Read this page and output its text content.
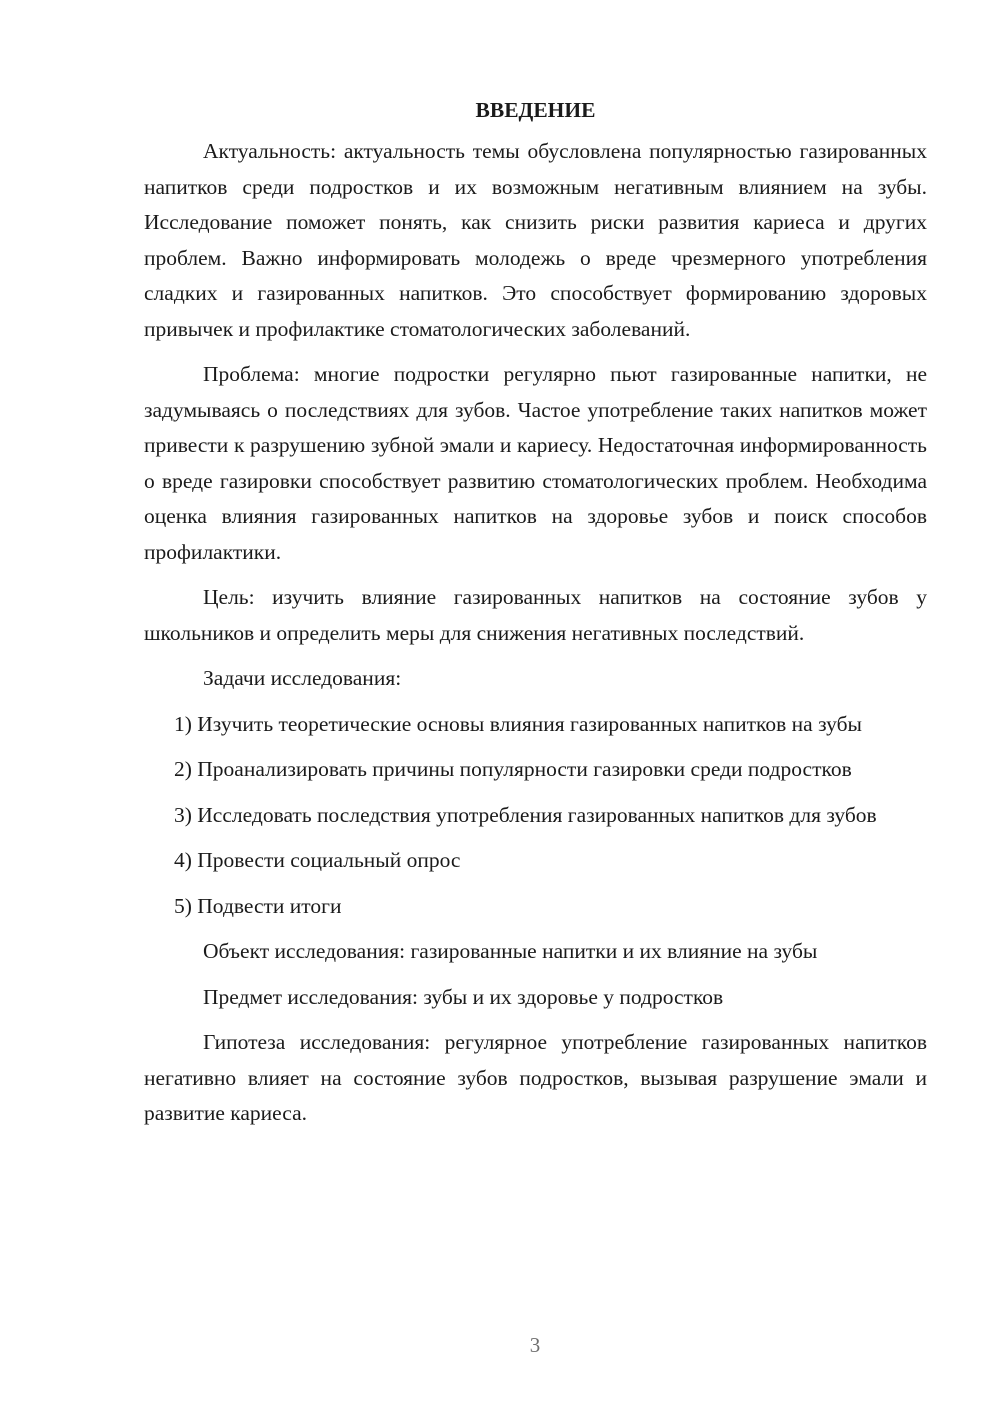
ВВЕДЕНИЕ

Актуальность: актуальность темы обусловлена популярностью газированных напитков среди подростков и их возможным негативным влиянием на зубы. Исследование поможет понять, как снизить риски развития кариеса и других проблем. Важно информировать молодежь о вреде чрезмерного употребления сладких и газированных напитков. Это способствует формированию здоровых привычек и профилактике стоматологических заболеваний.

Проблема: многие подростки регулярно пьют газированные напитки, не задумываясь о последствиях для зубов. Частое употребление таких напитков может привести к разрушению зубной эмали и кариесу. Недостаточная информированность о вреде газировки способствует развитию стоматологических проблем. Необходима оценка влияния газированных напитков на здоровье зубов и поиск способов профилактики.

Цель: изучить влияние газированных напитков на состояние зубов у школьников и определить меры для снижения негативных последствий.

Задачи исследования:

1) Изучить теоретические основы влияния газированных напитков на зубы

2) Проанализировать причины популярности газировки среди подростков

3) Исследовать последствия употребления газированных напитков для зубов

4) Провести социальный опрос

5) Подвести итоги

Объект исследования: газированные напитки и их влияние на зубы

Предмет исследования: зубы и их здоровье у подростков

Гипотеза исследования: регулярное употребление газированных напитков негативно влияет на состояние зубов подростков, вызывая разрушение эмали и развитие кариеса.

3
